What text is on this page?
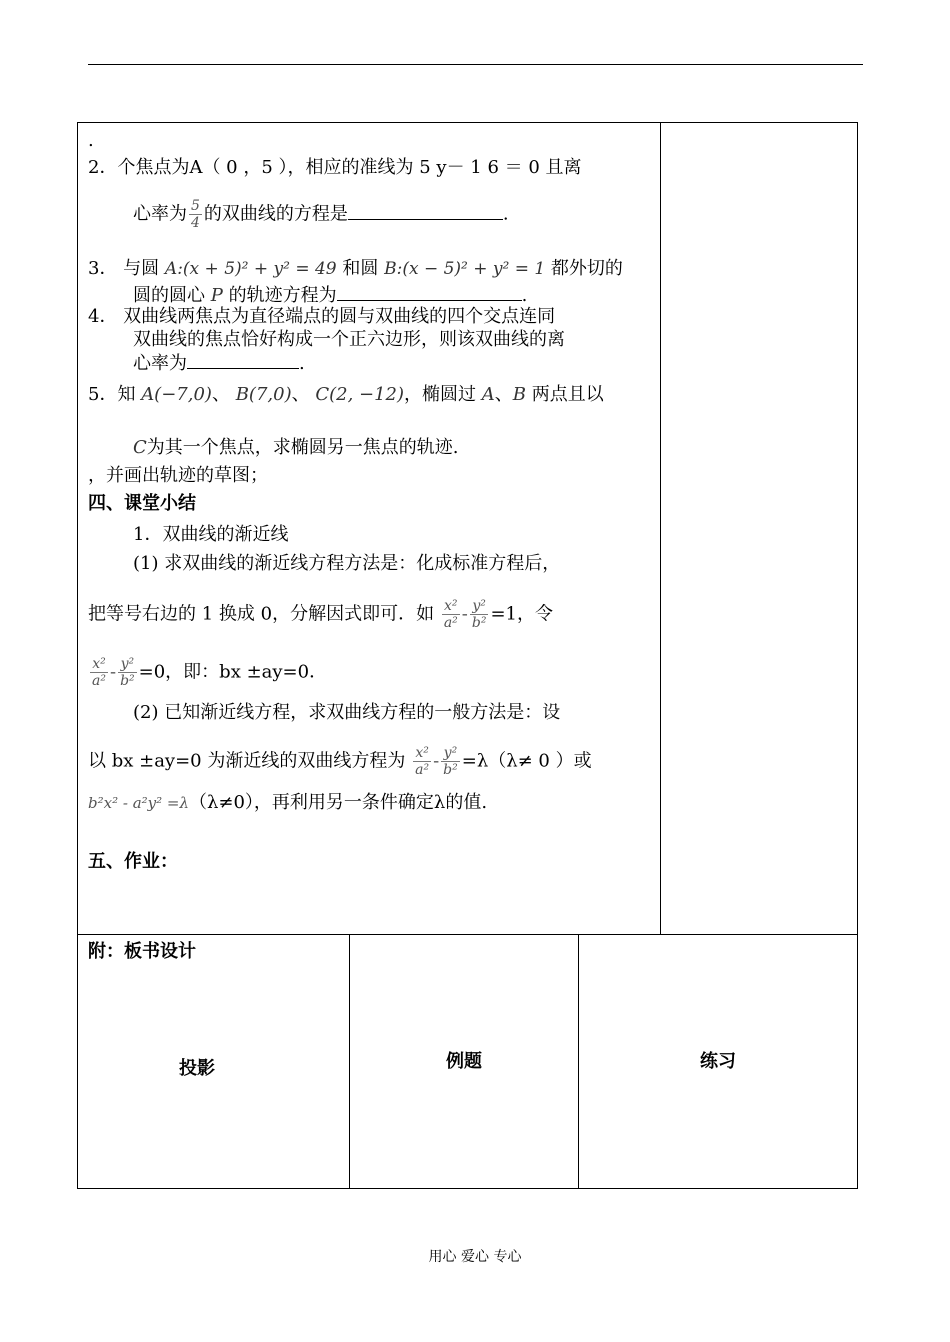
.
2．个焦点为A（ 0 ，5 ），相应的准线为 5 y－ 1 6 ＝ 0 且离
心率为 $\frac{5}{4}$ 的双曲线的方程是	.
3． 与圆 A:(x + 5)² + y² = 49 和圆 B:(x − 5)² + y² = 1 都外切的
圆的圆心 P 的轨迹方程为	.
4． 双曲线两焦点为直径端点的圆与双曲线的四个交点连同
双曲线的焦点恰好构成一个正六边形，则该双曲线的离
心率为	.
5．知 A(−7,0)、 B(7,0)、 C(2, −12)，椭圆过 A、B 两点且以
C为其一个焦点，求椭圆另一焦点的轨迹.
，并画出轨迹的草图；
四、课堂小结
1．双曲线的渐近线
(1) 求双曲线的渐近线方程方法是：化成标准方程后，
把等号右边的 1 换成 0，分解因式即可．如 $\frac{\text{x²}}{\text{a²}} - \frac{\text{y²}}{\text{b²}} =1$，令
$\frac{\text{x²}}{\text{a²}} - \frac{\text{y²}}{\text{b²}} =0$，即：bx ±ay=0．
(2) 已知渐近线方程，求双曲线方程的一般方法是：设
以 bx ±ay=0 为渐近线的双曲线方程为 $\frac{\text{x²}}{\text{a²}} - \frac{\text{y²}}{\text{b²}} =\lambda(\lambda\ne 0$ ）或
b²x² - a²y² =λ（λ≠0），再利用另一条件确定λ的值.
五、作业：
附：板书设计
投影	例题	练习
用心 爱心 专心
